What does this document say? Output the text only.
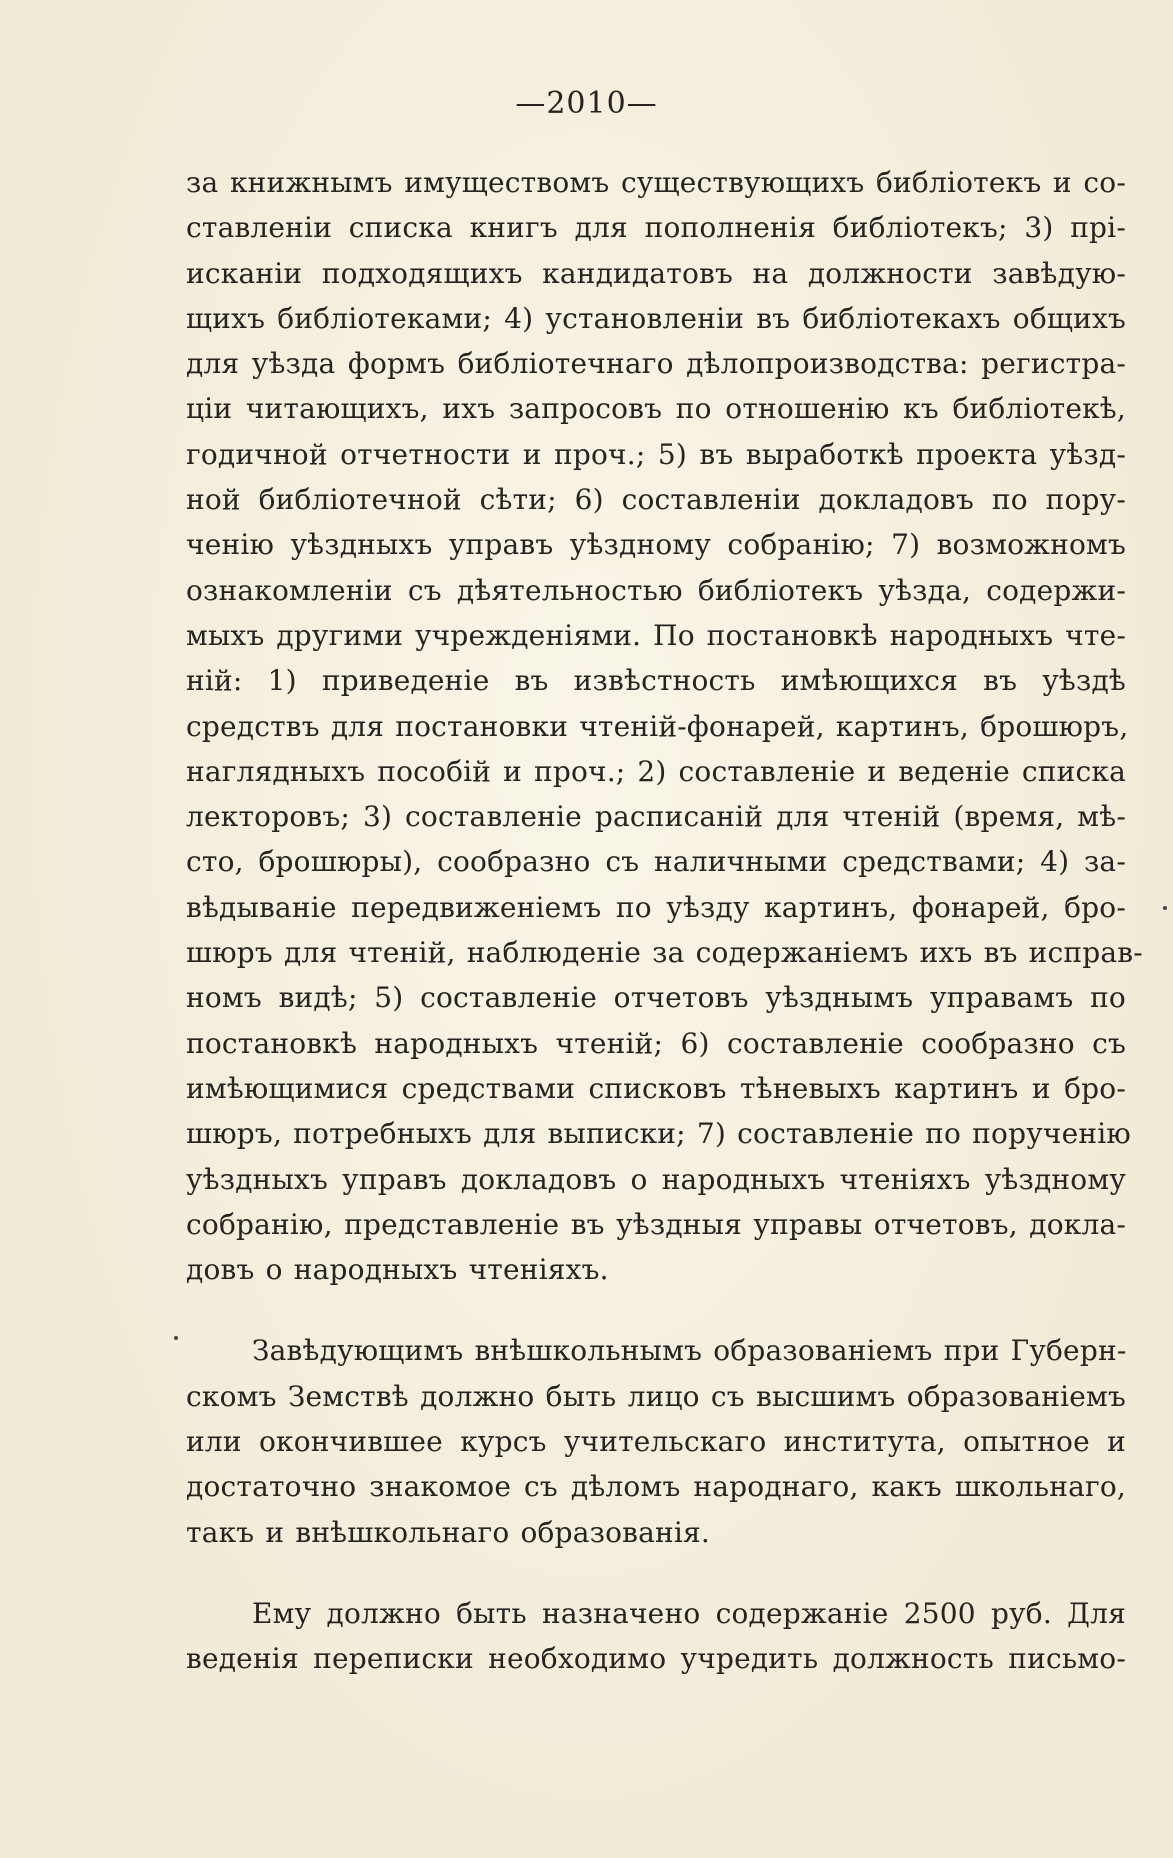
—2010—
за книжнымъ имуществомъ существующихъ библіотекъ и со-
ставленіи списка книгъ для пополненія библіотекъ; 3) прі-
исканіи подходящихъ кандидатовъ на должности завѣдую-
щихъ библіотеками; 4) установленіи въ библіотекахъ общихъ
для уѣзда формъ библіотечнаго дѣлопроизводства: регистра-
ціи читающихъ, ихъ запросовъ по отношенію къ библіотекѣ,
годичной отчетности и проч.; 5) въ выработкѣ проекта уѣзд-
ной библіотечной сѣти; 6) составленіи докладовъ по пору-
ченію уѣздныхъ управъ уѣздному собранію; 7) возможномъ
ознакомленіи съ дѣятельностью библіотекъ уѣзда, содержи-
мыхъ другими учрежденіями. По постановкѣ народныхъ чте-
ній: 1) приведеніе въ извѣстность имѣющихся въ уѣздѣ
средствъ для постановки чтеній-фонарей, картинъ, брошюръ,
наглядныхъ пособій и проч.; 2) составленіе и веденіе списка
лекторовъ; 3) составленіе расписаній для чтеній (время, мѣ-
сто, брошюры), сообразно съ наличными средствами; 4) за-
вѣдываніе передвиженіемъ по уѣзду картинъ, фонарей, бро-
шюръ для чтеній, наблюденіе за содержаніемъ ихъ въ исправ-
номъ видѣ; 5) составленіе отчетовъ уѣзднымъ управамъ по
постановкѣ народныхъ чтеній; 6) составленіе сообразно съ
имѣющимися средствами списковъ тѣневыхъ картинъ и бро-
шюръ, потребныхъ для выписки; 7) составленіе по порученію
уѣздныхъ управъ докладовъ о народныхъ чтеніяхъ уѣздному
собранію, представленіе въ уѣздныя управы отчетовъ, докла-
довъ о народныхъ чтеніяхъ.
Завѣдующимъ внѣшкольнымъ образованіемъ при Губерн-
скомъ Земствѣ должно быть лицо съ высшимъ образованіемъ
или окончившее курсъ учительскаго института, опытное и
достаточно знакомое съ дѣломъ народнаго, какъ школьнаго,
такъ и внѣшкольнаго образованія.
Ему должно быть назначено содержаніе 2500 руб. Для
веденія переписки необходимо учредить должность письмо-
